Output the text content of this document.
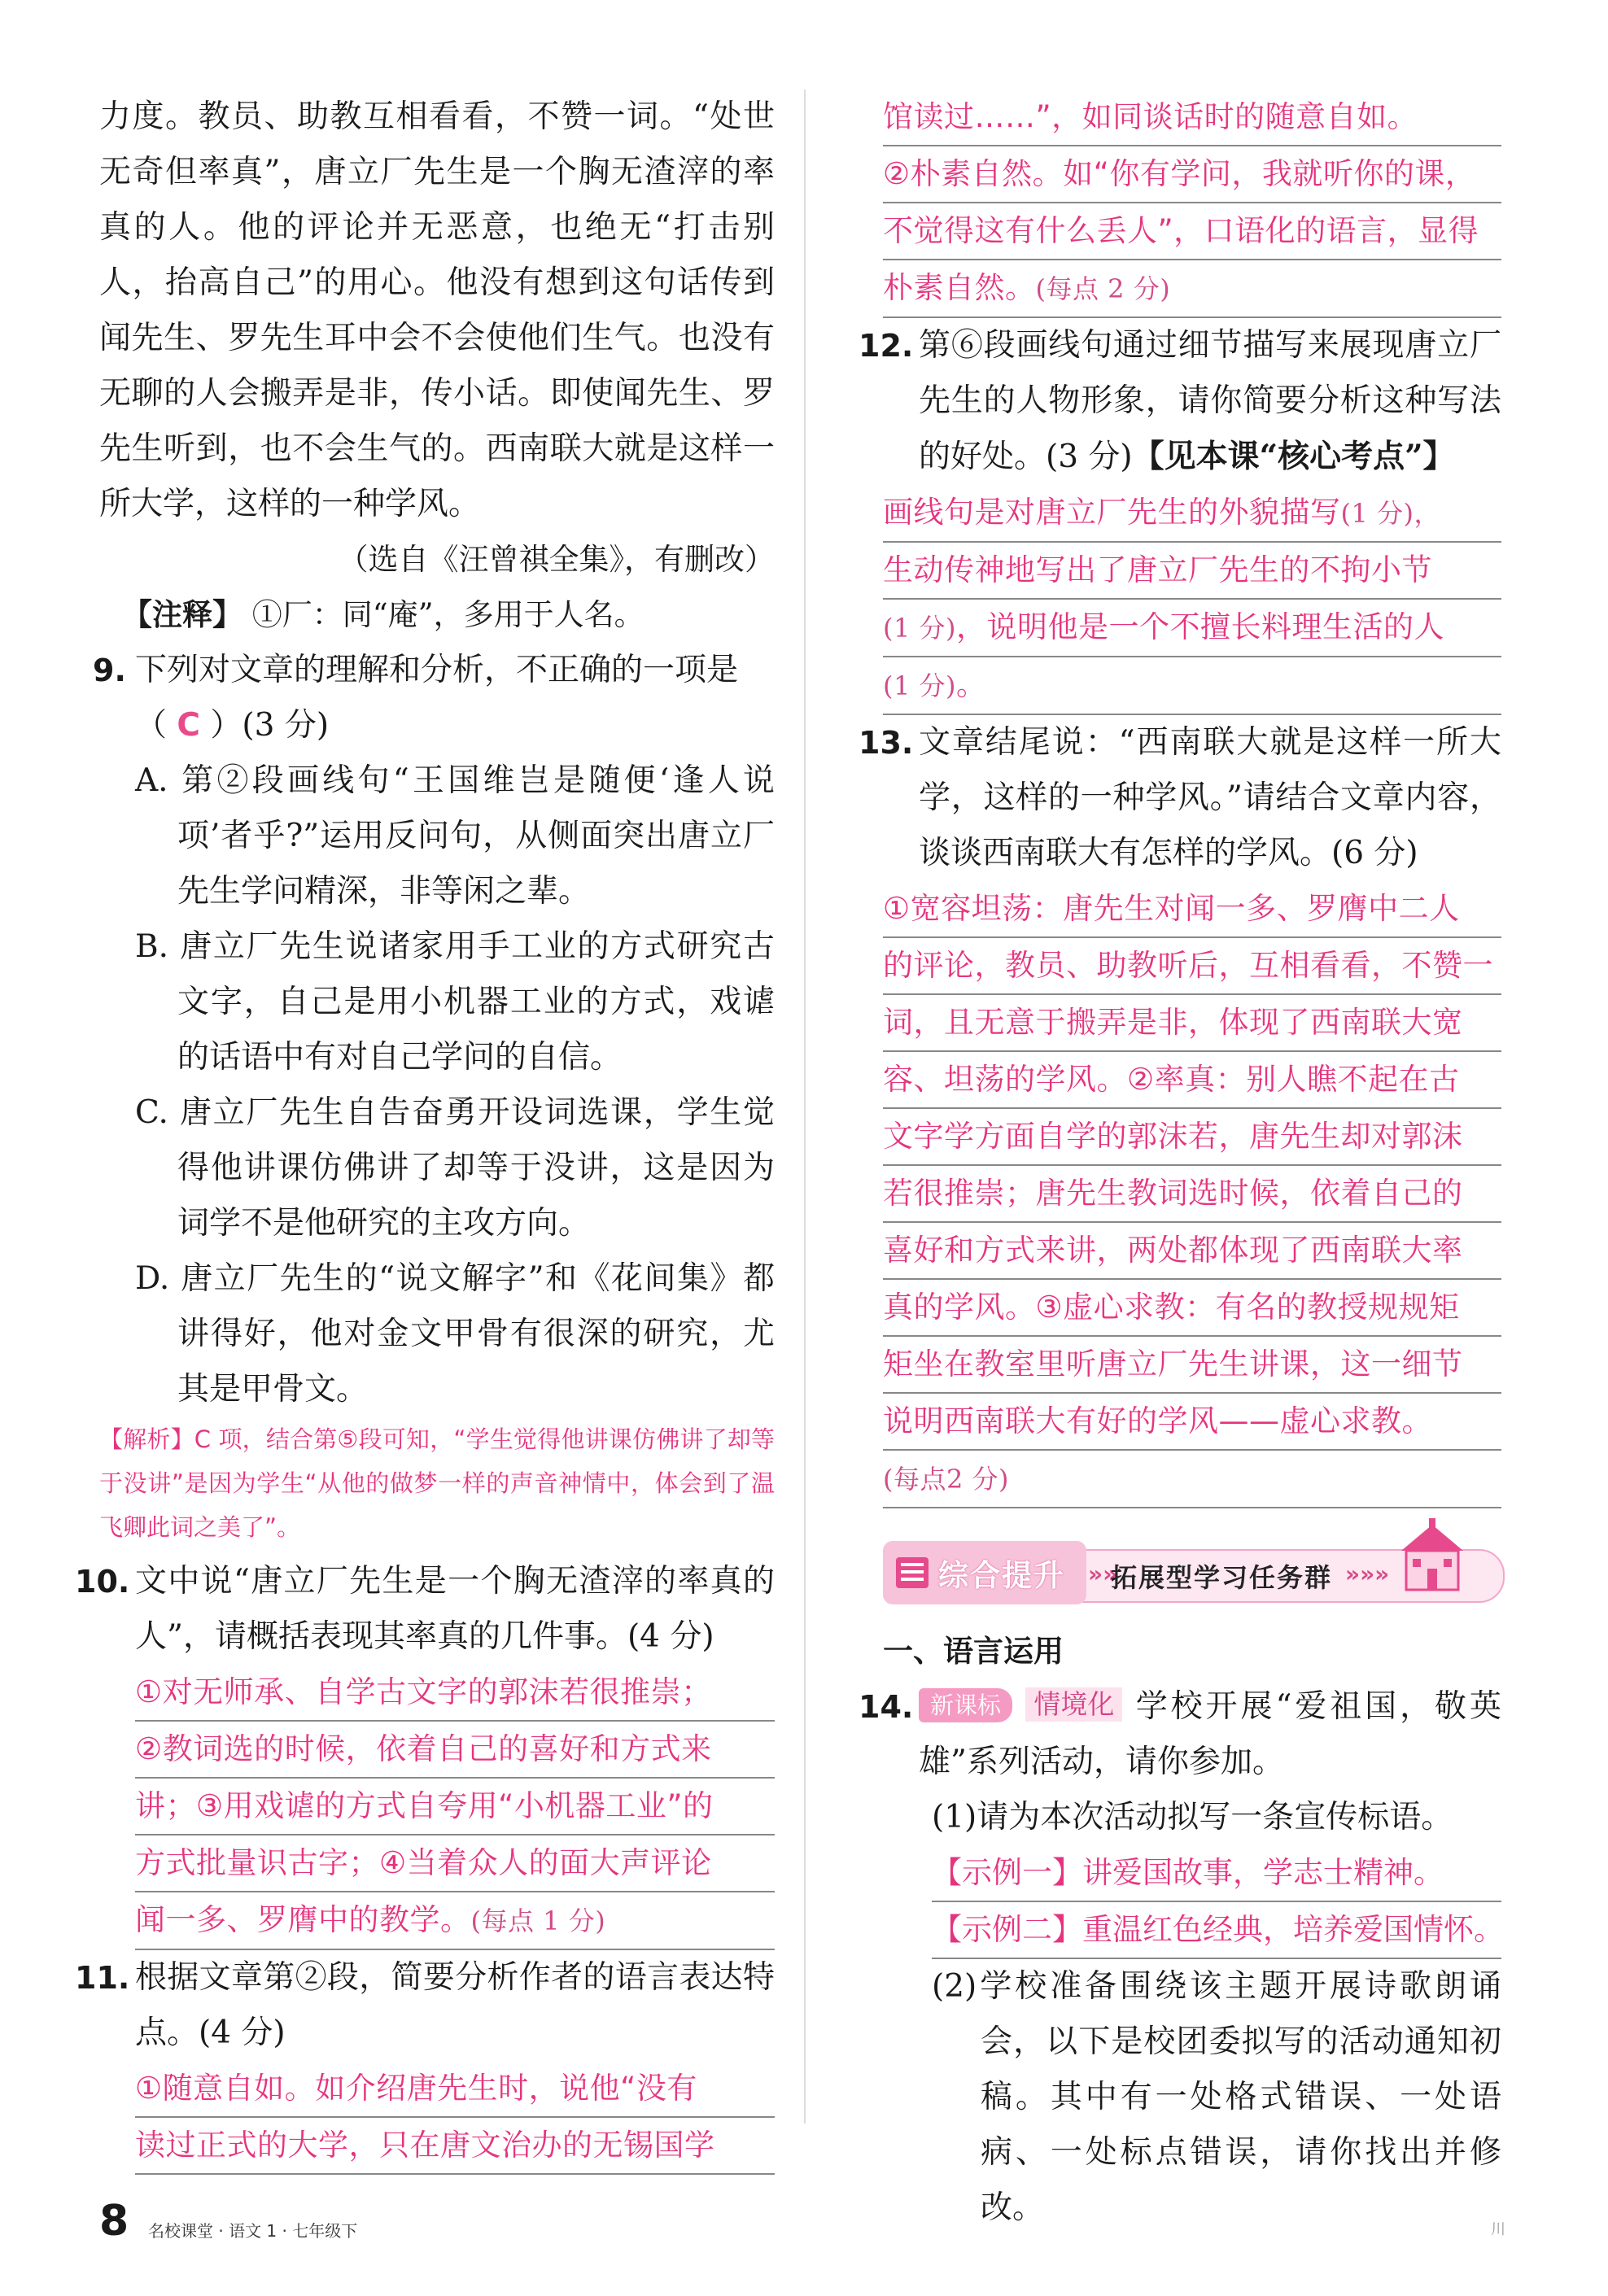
力度。教员、助教互相看看，不赞一词。“处世无奇但率真”，唐立厂先生是一个胸无渣滓的率真的人。他的评论并无恶意，也绝无“打击别人，抬高自己”的用心。他没有想到这句话传到闻先生、罗先生耳中会不会使他们生气。也没有无聊的人会搬弄是非，传小话。即使闻先生、罗先生听到，也不会生气的。西南联大就是这样一所大学，这样的一种学风。

（选自《汪曾祺全集》，有删改）

【注释】 ①厂：同“庵”，多用于人名。

9. 下列对文章的理解和分析，不正确的一项是
（ C ）(3 分)

A. 第②段画线句“王国维岂是随便‘逢人说项’者乎?”运用反问句，从侧面突出唐立厂先生学问精深，非等闲之辈。

B. 唐立厂先生说诸家用手工业的方式研究古文字，自己是用小机器工业的方式，戏谑的话语中有对自己学问的自信。

C. 唐立厂先生自告奋勇开设词选课，学生觉得他讲课仿佛讲了却等于没讲，这是因为词学不是他研究的主攻方向。

D. 唐立厂先生的“说文解字”和《花间集》都讲得好，他对金文甲骨有很深的研究，尤其是甲骨文。

【解析】C 项，结合第⑤段可知，“学生觉得他讲课仿佛讲了却等于没讲”是因为学生“从他的做梦一样的声音神情中，体会到了温飞卿此词之美了”。

10. 文中说“唐立厂先生是一个胸无渣滓的率真的人”，请概括表现其率真的几件事。(4 分)
①对无师承、自学古文字的郭沫若很推崇；
②教词选的时候，依着自己的喜好和方式来
讲；③用戏谑的方式自夸用“小机器工业”的
方式批量识古字；④当着众人的面大声评论
闻一多、罗膺中的教学。(每点 1 分)
11. 根据文章第②段，简要分析作者的语言表达特点。(4 分)
①随意自如。如介绍唐先生时，说他“没有
读过正式的大学，只在唐文治办的无锡国学
馆读过……”，如同谈话时的随意自如。
②朴素自然。如“你有学问，我就听你的课，
不觉得这有什么丢人”，口语化的语言，显得
朴素自然。(每点 2 分)
12. 第⑥段画线句通过细节描写来展现唐立厂先生的人物形象，请你简要分析这种写法的好处。(3 分)【见本课“核心考点”】
画线句是对唐立厂先生的外貌描写(1 分)，
生动传神地写出了唐立厂先生的不拘小节
(1 分)，说明他是一个不擅长料理生活的人
(1 分)。
13. 文章结尾说：“西南联大就是这样一所大学，这样的一种学风。”请结合文章内容，谈谈西南联大有怎样的学风。(6 分)
①宽容坦荡：唐先生对闻一多、罗膺中二人
的评论，教员、助教听后，互相看看，不赞一
词，且无意于搬弄是非，体现了西南联大宽
容、坦荡的学风。②率真：别人瞧不起在古
文字学方面自学的郭沫若，唐先生却对郭沫
若很推崇；唐先生教词选时候，依着自己的
喜好和方式来讲，两处都体现了西南联大率
真的学风。③虚心求教：有名的教授规规矩
矩坐在教室里听唐立厂先生讲课，这一细节
说明西南联大有好的学风——虚心求教。
(每点2 分)
综合提升 »»
拓展型学习任务群 »»»

一、语言运用

14. 新课标 情境化 学校开展“爱祖国，敬英雄”系列活动，请你参加。

(1)请为本次活动拟写一条宣传标语。

【示例一】讲爱国故事，学志士精神。
【示例二】重温红色经典，培养爱国情怀。

(2)学校准备围绕该主题开展诗歌朗诵会，以下是校团委拟写的活动通知初稿。其中有一处格式错误、一处语病、一处标点错误，请你找出并修改。

8 名校课堂 · 语文 1 · 七年级下	川
